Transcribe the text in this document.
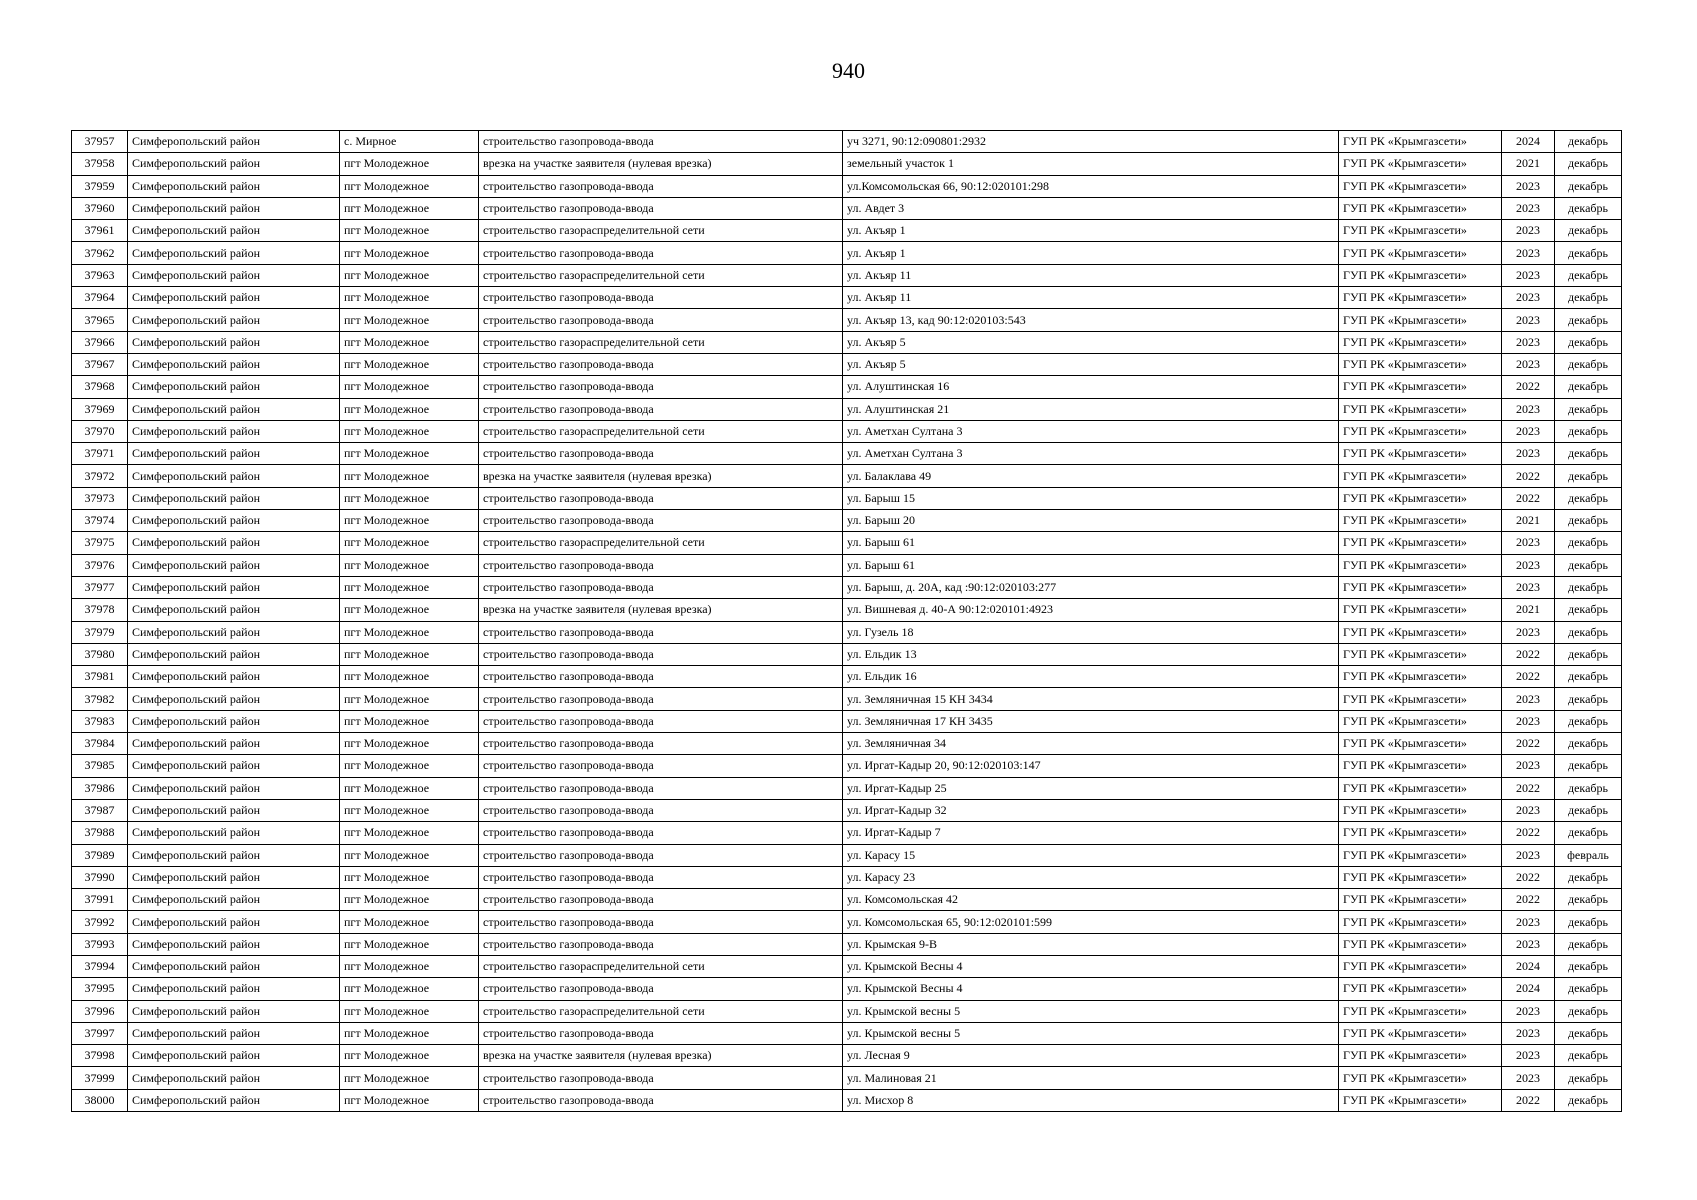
940
37957	Симферопольский район	с. Мирное	строительство газопровода-ввода	уч 3271, 90:12:090801:2932	ГУП РК «Крымгазсети»	2024	декабрь
37958	Симферопольский район	пгт Молодежное	врезка на участке заявителя (нулевая врезка)	земельный участок 1	ГУП РК «Крымгазсети»	2021	декабрь
37959	Симферопольский район	пгт Молодежное	строительство газопровода-ввода	ул.Комсомольская 66, 90:12:020101:298	ГУП РК «Крымгазсети»	2023	декабрь
37960	Симферопольский район	пгт Молодежное	строительство газопровода-ввода	ул. Авдет 3	ГУП РК «Крымгазсети»	2023	декабрь
37961	Симферопольский район	пгт Молодежное	строительство газораспределительной сети	ул. Акъяр 1	ГУП РК «Крымгазсети»	2023	декабрь
37962	Симферопольский район	пгт Молодежное	строительство газопровода-ввода	ул. Акъяр 1	ГУП РК «Крымгазсети»	2023	декабрь
37963	Симферопольский район	пгт Молодежное	строительство газораспределительной сети	ул. Акъяр 11	ГУП РК «Крымгазсети»	2023	декабрь
37964	Симферопольский район	пгт Молодежное	строительство газопровода-ввода	ул. Акъяр 11	ГУП РК «Крымгазсети»	2023	декабрь
37965	Симферопольский район	пгт Молодежное	строительство газопровода-ввода	ул. Акъяр 13, кад 90:12:020103:543	ГУП РК «Крымгазсети»	2023	декабрь
37966	Симферопольский район	пгт Молодежное	строительство газораспределительной сети	ул. Акъяр 5	ГУП РК «Крымгазсети»	2023	декабрь
37967	Симферопольский район	пгт Молодежное	строительство газопровода-ввода	ул. Акъяр 5	ГУП РК «Крымгазсети»	2023	декабрь
37968	Симферопольский район	пгт Молодежное	строительство газопровода-ввода	ул. Алуштинская 16	ГУП РК «Крымгазсети»	2022	декабрь
37969	Симферопольский район	пгт Молодежное	строительство газопровода-ввода	ул. Алуштинская 21	ГУП РК «Крымгазсети»	2023	декабрь
37970	Симферопольский район	пгт Молодежное	строительство газораспределительной сети	ул. Аметхан Султана 3	ГУП РК «Крымгазсети»	2023	декабрь
37971	Симферопольский район	пгт Молодежное	строительство газопровода-ввода	ул. Аметхан Султана 3	ГУП РК «Крымгазсети»	2023	декабрь
37972	Симферопольский район	пгт Молодежное	врезка на участке заявителя (нулевая врезка)	ул. Балаклава 49	ГУП РК «Крымгазсети»	2022	декабрь
37973	Симферопольский район	пгт Молодежное	строительство газопровода-ввода	ул. Барыш 15	ГУП РК «Крымгазсети»	2022	декабрь
37974	Симферопольский район	пгт Молодежное	строительство газопровода-ввода	ул. Барыш 20	ГУП РК «Крымгазсети»	2021	декабрь
37975	Симферопольский район	пгт Молодежное	строительство газораспределительной сети	ул. Барыш 61	ГУП РК «Крымгазсети»	2023	декабрь
37976	Симферопольский район	пгт Молодежное	строительство газопровода-ввода	ул. Барыш 61	ГУП РК «Крымгазсети»	2023	декабрь
37977	Симферопольский район	пгт Молодежное	строительство газопровода-ввода	ул. Барыш, д. 20А, кад :90:12:020103:277	ГУП РК «Крымгазсети»	2023	декабрь
37978	Симферопольский район	пгт Молодежное	врезка на участке заявителя (нулевая врезка)	ул. Вишневая д. 40-А 90:12:020101:4923	ГУП РК «Крымгазсети»	2021	декабрь
37979	Симферопольский район	пгт Молодежное	строительство газопровода-ввода	ул. Гузель 18	ГУП РК «Крымгазсети»	2023	декабрь
37980	Симферопольский район	пгт Молодежное	строительство газопровода-ввода	ул. Ельдик 13	ГУП РК «Крымгазсети»	2022	декабрь
37981	Симферопольский район	пгт Молодежное	строительство газопровода-ввода	ул. Ельдик 16	ГУП РК «Крымгазсети»	2022	декабрь
37982	Симферопольский район	пгт Молодежное	строительство газопровода-ввода	ул. Земляничная 15 КН 3434	ГУП РК «Крымгазсети»	2023	декабрь
37983	Симферопольский район	пгт Молодежное	строительство газопровода-ввода	ул. Земляничная 17 КН 3435	ГУП РК «Крымгазсети»	2023	декабрь
37984	Симферопольский район	пгт Молодежное	строительство газопровода-ввода	ул. Земляничная 34	ГУП РК «Крымгазсети»	2022	декабрь
37985	Симферопольский район	пгт Молодежное	строительство газопровода-ввода	ул. Иргат-Кадыр 20, 90:12:020103:147	ГУП РК «Крымгазсети»	2023	декабрь
37986	Симферопольский район	пгт Молодежное	строительство газопровода-ввода	ул. Иргат-Кадыр 25	ГУП РК «Крымгазсети»	2022	декабрь
37987	Симферопольский район	пгт Молодежное	строительство газопровода-ввода	ул. Иргат-Кадыр 32	ГУП РК «Крымгазсети»	2023	декабрь
37988	Симферопольский район	пгт Молодежное	строительство газопровода-ввода	ул. Иргат-Кадыр 7	ГУП РК «Крымгазсети»	2022	декабрь
37989	Симферопольский район	пгт Молодежное	строительство газопровода-ввода	ул. Карасу 15	ГУП РК «Крымгазсети»	2023	февраль
37990	Симферопольский район	пгт Молодежное	строительство газопровода-ввода	ул. Карасу 23	ГУП РК «Крымгазсети»	2022	декабрь
37991	Симферопольский район	пгт Молодежное	строительство газопровода-ввода	ул. Комсомольская 42	ГУП РК «Крымгазсети»	2022	декабрь
37992	Симферопольский район	пгт Молодежное	строительство газопровода-ввода	ул. Комсомольская 65, 90:12:020101:599	ГУП РК «Крымгазсети»	2023	декабрь
37993	Симферопольский район	пгт Молодежное	строительство газопровода-ввода	ул. Крымская 9-В	ГУП РК «Крымгазсети»	2023	декабрь
37994	Симферопольский район	пгт Молодежное	строительство газораспределительной сети	ул. Крымской Весны 4	ГУП РК «Крымгазсети»	2024	декабрь
37995	Симферопольский район	пгт Молодежное	строительство газопровода-ввода	ул. Крымской Весны 4	ГУП РК «Крымгазсети»	2024	декабрь
37996	Симферопольский район	пгт Молодежное	строительство газораспределительной сети	ул. Крымской весны 5	ГУП РК «Крымгазсети»	2023	декабрь
37997	Симферопольский район	пгт Молодежное	строительство газопровода-ввода	ул. Крымской весны 5	ГУП РК «Крымгазсети»	2023	декабрь
37998	Симферопольский район	пгт Молодежное	врезка на участке заявителя (нулевая врезка)	ул. Лесная 9	ГУП РК «Крымгазсети»	2023	декабрь
37999	Симферопольский район	пгт Молодежное	строительство газопровода-ввода	ул. Малиновая 21	ГУП РК «Крымгазсети»	2023	декабрь
38000	Симферопольский район	пгт Молодежное	строительство газопровода-ввода	ул. Мисхор 8	ГУП РК «Крымгазсети»	2022	декабрь
